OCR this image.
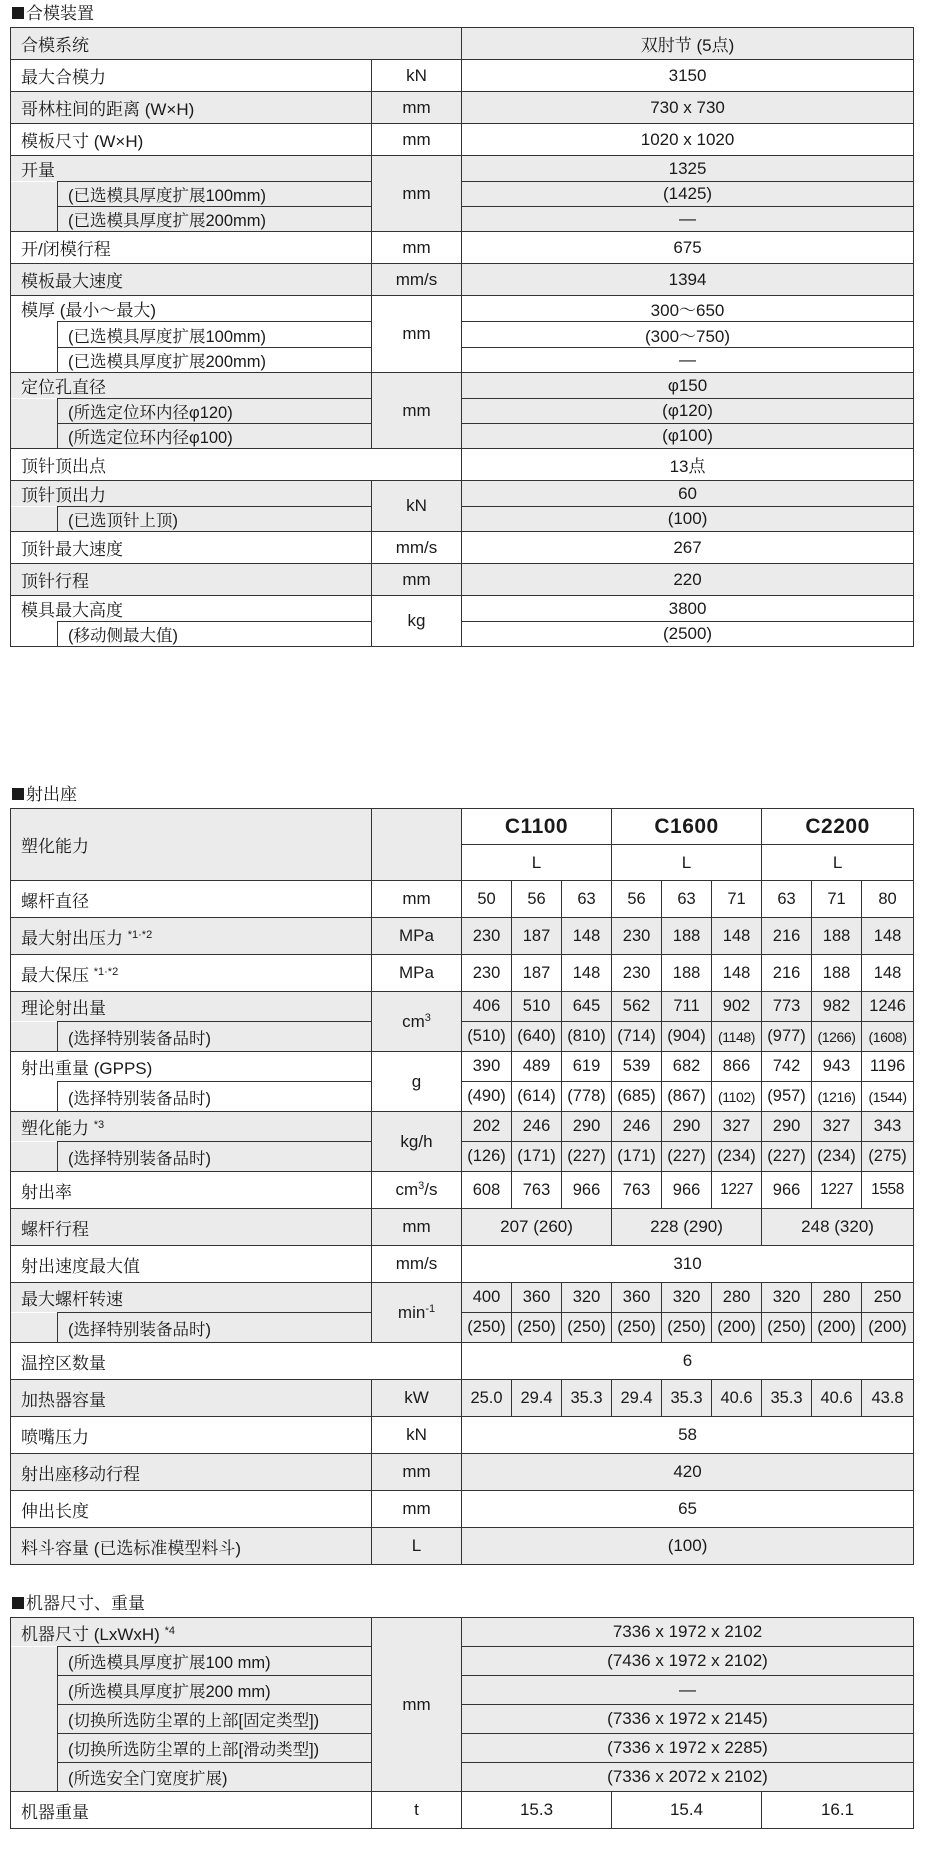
合模装置
合模系统			双肘节 (5点)
最大合模力		kN	3150
哥林柱间的距离 (W×H)		mm	730 x 730
模板尺寸 (W×H)		mm	1020 x 1020
开量		mm	1325
	(已选模具厚度扩展100mm)		(1425)
	(已选模具厚度扩展200mm)		—
开/闭模行程		mm	675
模板最大速度		mm/s	1394
模厚 (最小～最大)		mm	300～650
	(已选模具厚度扩展100mm)		(300～750)
	(已选模具厚度扩展200mm)		—
定位孔直径		mm	φ150
	(所选定位环内径φ120)		(φ120)
	(所选定位环内径φ100)		(φ100)
顶针顶出点			13点
顶针顶出力		kN	60
	(已选顶针上顶)		(100)
顶针最大速度		mm/s	267
顶针行程		mm	220
模具最大高度		kg	3800
	(移动侧最大值)		(2500)
射出座
塑化能力			C1100			C1600			C2200		
			L			L			L		
螺杆直径		mm	50	56	63	56	63	71	63	71	80
最大射出压力 $^{*1\cdot*2}$		MPa	230	187	148	230	188	148	216	188	148
最大保压 $^{*1\cdot*2}$		MPa	230	187	148	230	188	148	216	188	148
理论射出量		$cm^3$	406	510	645	562	711	902	773	982	1246
	(选择特别装备品时)		(510)	(640)	(810)	(714)	(904)	(1148)	(977)	(1266)	(1608)
射出重量 (GPPS)		g	390	489	619	539	682	866	742	943	1196
	(选择特别装备品时)		(490)	(614)	(778)	(685)	(867)	(1102)	(957)	(1216)	(1544)
塑化能力 $^{*3}$		kg/h	202	246	290	246	290	327	290	327	343
	(选择特别装备品时)		(126)	(171)	(227)	(171)	(227)	(234)	(227)	(234)	(275)
射出率		$cm^3/s$	608	763	966	763	966	1227	966	1227	1558
螺杆行程		mm	207 (260)			228 (290)			248 (320)		
射出速度最大值		mm/s	310								
最大螺杆转速		$\min^{-1}$	400	360	320	360	320	280	320	280	250
	(选择特别装备品时)		(250)	(250)	(250)	(250)	(250)	(200)	(250)	(200)	(200)
温控区数量			6								
加热器容量		kW	25.0	29.4	35.3	29.4	35.3	40.6	35.3	40.6	43.8
喷嘴压力		kN	58								
射出座移动行程		mm	420								
伸出长度		mm	65								
料斗容量 (已选标准模型料斗)		L	(100)								
机器尺寸、重量
机器尺寸 (LxWxH) $^{*4}$		mm	7336 x 1972 x 2102		
	(所选模具厚度扩展100 mm)		(7436 x 1972 x 2102)		
	(所选模具厚度扩展200 mm)		—		
	(切换所选防尘罩的上部[固定类型])		(7336 x 1972 x 2145)		
	(切换所选防尘罩的上部[滑动类型])		(7336 x 1972 x 2285)		
	(所选安全门宽度扩展)		(7336 x 2072 x 2102)		
机器重量		t	15.3	15.4	16.1
